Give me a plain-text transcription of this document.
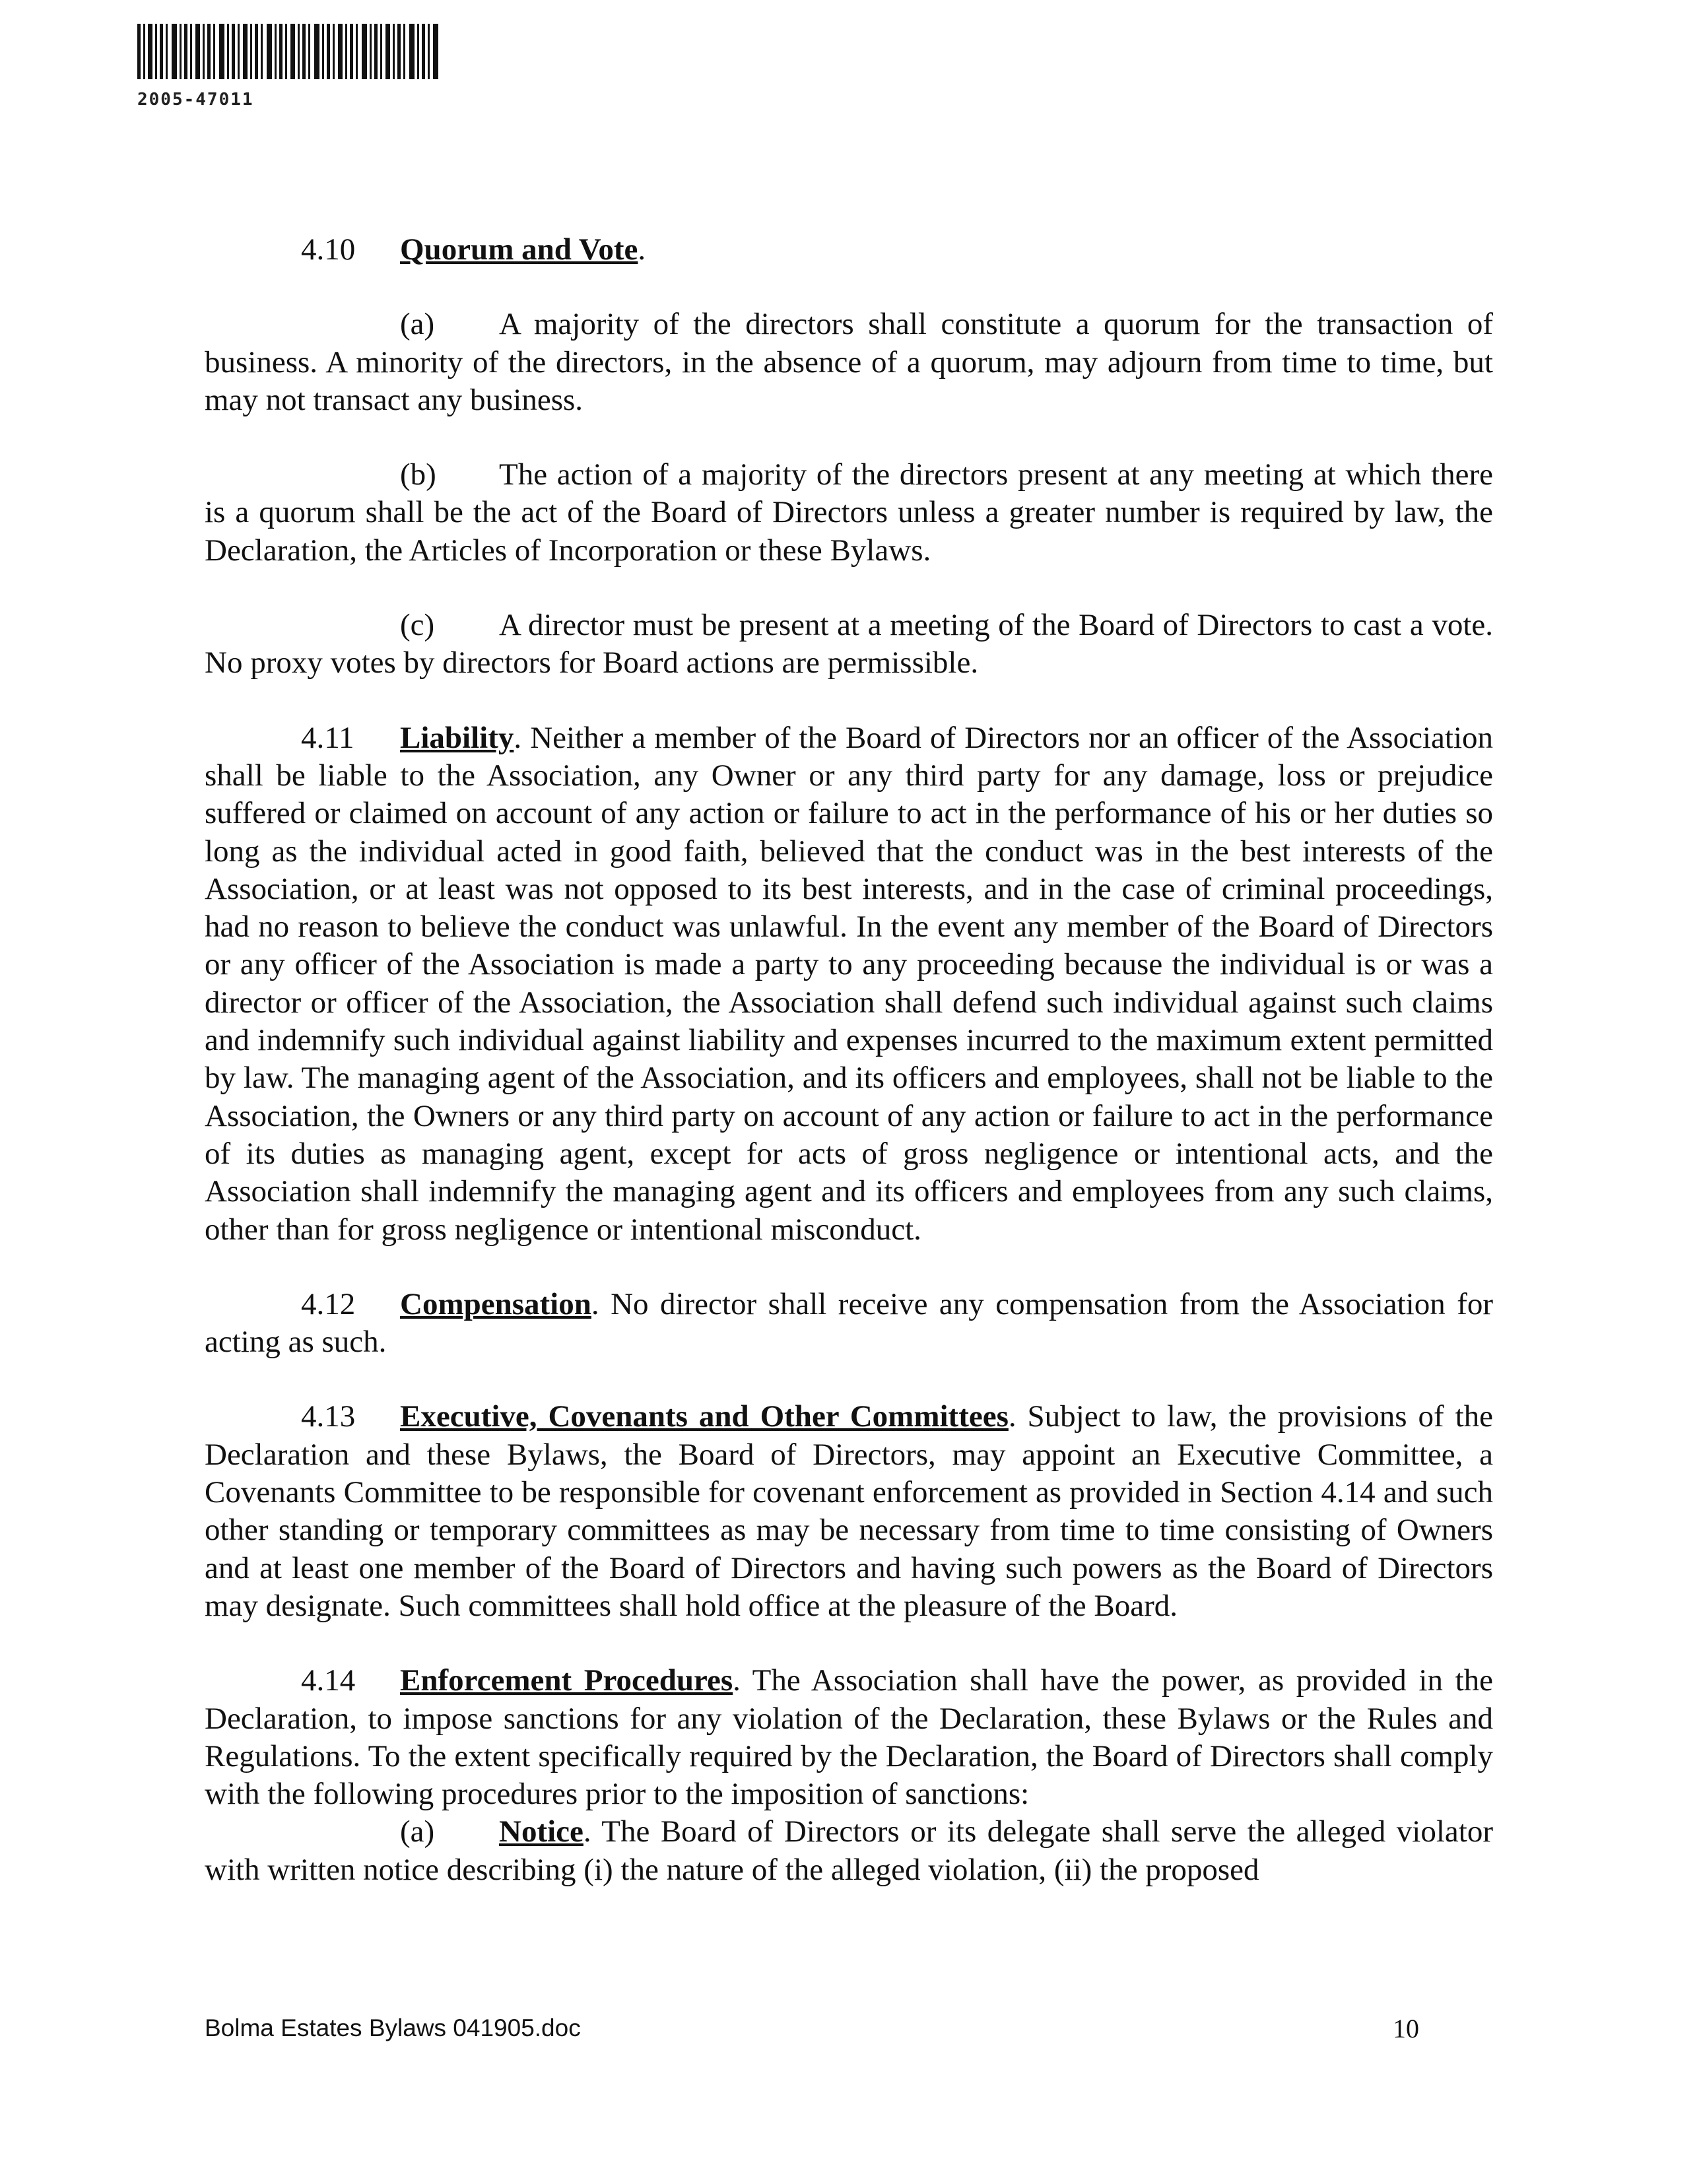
2005-47011

4.10 Quorum and Vote.

(a) A majority of the directors shall constitute a quorum for the transaction of business. A minority of the directors, in the absence of a quorum, may adjourn from time to time, but may not transact any business.

(b) The action of a majority of the directors present at any meeting at which there is a quorum shall be the act of the Board of Directors unless a greater number is required by law, the Declaration, the Articles of Incorporation or these Bylaws.

(c) A director must be present at a meeting of the Board of Directors to cast a vote. No proxy votes by directors for Board actions are permissible.

4.11 Liability. Neither a member of the Board of Directors nor an officer of the Association shall be liable to the Association, any Owner or any third party for any damage, loss or prejudice suffered or claimed on account of any action or failure to act in the performance of his or her duties so long as the individual acted in good faith, believed that the conduct was in the best interests of the Association, or at least was not opposed to its best interests, and in the case of criminal proceedings, had no reason to believe the conduct was unlawful. In the event any member of the Board of Directors or any officer of the Association is made a party to any proceeding because the individual is or was a director or officer of the Association, the Association shall defend such individual against such claims and indemnify such individual against liability and expenses incurred to the maximum extent permitted by law. The managing agent of the Association, and its officers and employees, shall not be liable to the Association, the Owners or any third party on account of any action or failure to act in the performance of its duties as managing agent, except for acts of gross negligence or intentional acts, and the Association shall indemnify the managing agent and its officers and employees from any such claims, other than for gross negligence or intentional misconduct.

4.12 Compensation. No director shall receive any compensation from the Association for acting as such.

4.13 Executive, Covenants and Other Committees. Subject to law, the provisions of the Declaration and these Bylaws, the Board of Directors, may appoint an Executive Committee, a Covenants Committee to be responsible for covenant enforcement as provided in Section 4.14 and such other standing or temporary committees as may be necessary from time to time consisting of Owners and at least one member of the Board of Directors and having such powers as the Board of Directors may designate. Such committees shall hold office at the pleasure of the Board.

4.14 Enforcement Procedures. The Association shall have the power, as provided in the Declaration, to impose sanctions for any violation of the Declaration, these Bylaws or the Rules and Regulations. To the extent specifically required by the Declaration, the Board of Directors shall comply with the following procedures prior to the imposition of sanctions:

(a) Notice. The Board of Directors or its delegate shall serve the alleged violator with written notice describing (i) the nature of the alleged violation, (ii) the proposed

Bolma Estates Bylaws 041905.doc	10
